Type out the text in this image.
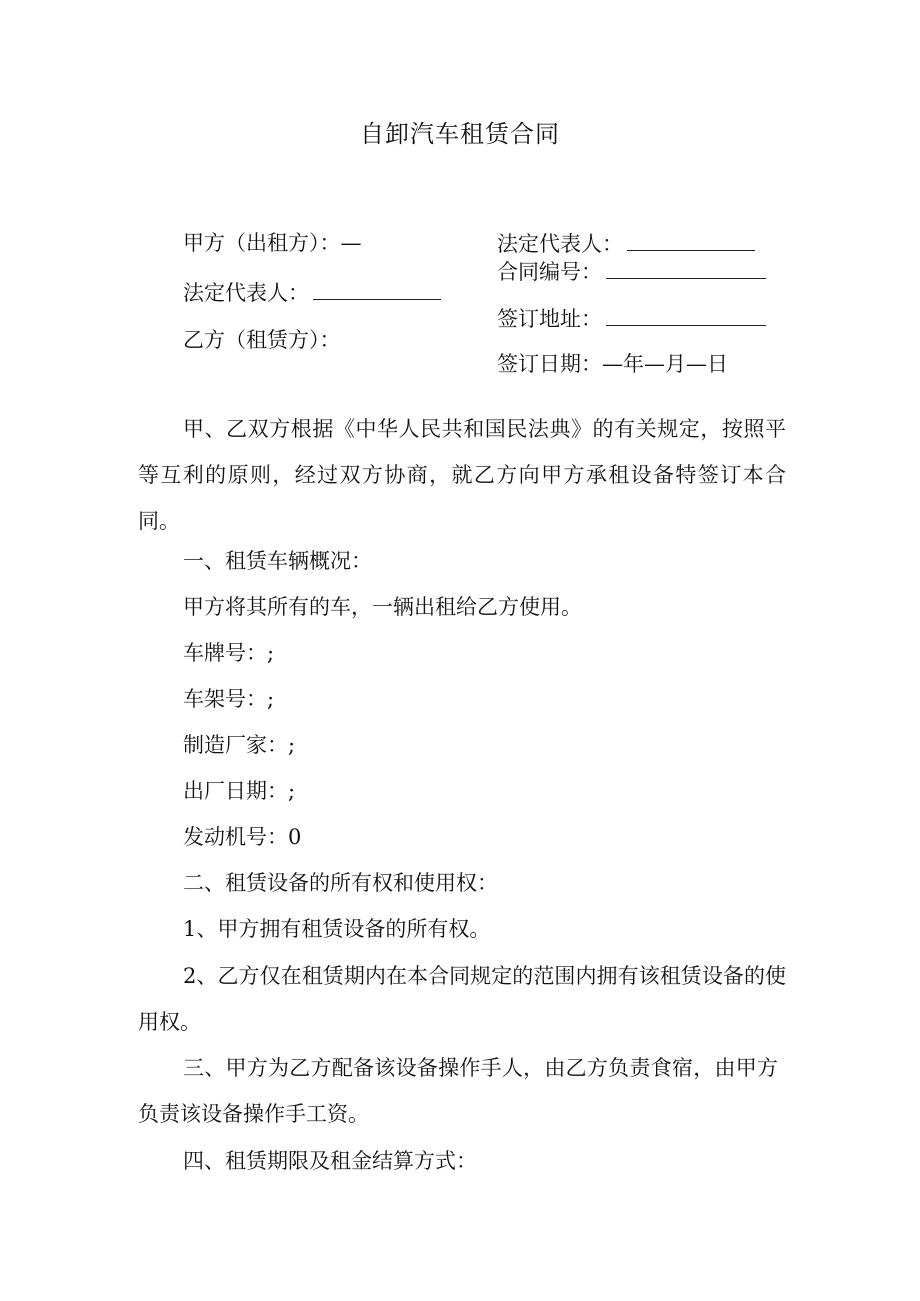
自卸汽车租赁合同
甲方（出租方）：—
法定代表人：
乙方（租赁方）：
法定代表人：
合同编号：
签订地址：
签订日期：—年—月—日
甲、乙双方根据《中华人民共和国民法典》的有关规定，按照平等互利的原则，经过双方协商，就乙方向甲方承租设备特签订本合同。
一、租赁车辆概况：
甲方将其所有的车，一辆出租给乙方使用。
车牌号：;
车架号：;
制造厂家：;
出厂日期：;
发动机号：0
二、租赁设备的所有权和使用权：
1、甲方拥有租赁设备的所有权。
2、乙方仅在租赁期内在本合同规定的范围内拥有该租赁设备的使用权。
三、甲方为乙方配备该设备操作手人，由乙方负责食宿，由甲方负责该设备操作手工资。
四、租赁期限及租金结算方式：
